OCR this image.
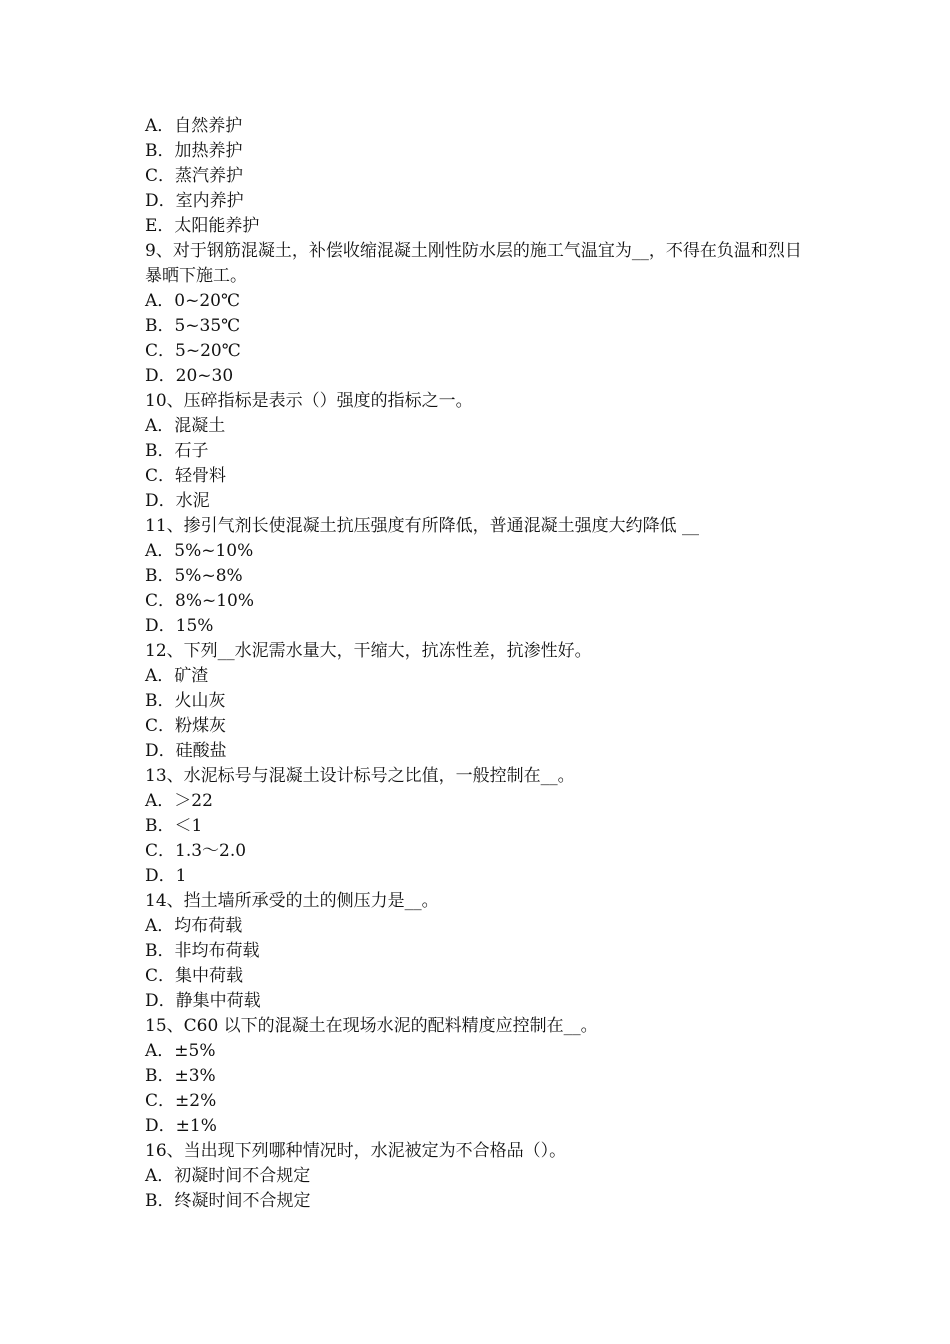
A．自然养护
B．加热养护
C．蒸汽养护
D．室内养护
E．太阳能养护
9、对于钢筋混凝土，补偿收缩混凝土刚性防水层的施工气温宜为__，不得在负温和烈日暴晒下施工。
A．0~20℃
B．5~35℃
C．5~20℃
D．20~30
10、压碎指标是表示（）强度的指标之一。
A．混凝土
B．石子
C．轻骨料
D．水泥
11、掺引气剂长使混凝土抗压强度有所降低，普通混凝土强度大约降低 __
A．5%~10%
B．5%~8%
C．8%~10%
D．15%
12、下列__水泥需水量大，干缩大，抗冻性差，抗渗性好。
A．矿渣
B．火山灰
C．粉煤灰
D．硅酸盐
13、水泥标号与混凝土设计标号之比值，一般控制在__。
A．＞22
B．＜1
C．1.3～2.0
D．1
14、挡土墙所承受的土的侧压力是__。
A．均布荷载
B．非均布荷载
C．集中荷载
D．静集中荷载
15、C60 以下的混凝土在现场水泥的配料精度应控制在__。
A．±5%
B．±3%
C．±2%
D．±1%
16、当出现下列哪种情况时，水泥被定为不合格品（）。
A．初凝时间不合规定
B．终凝时间不合规定
